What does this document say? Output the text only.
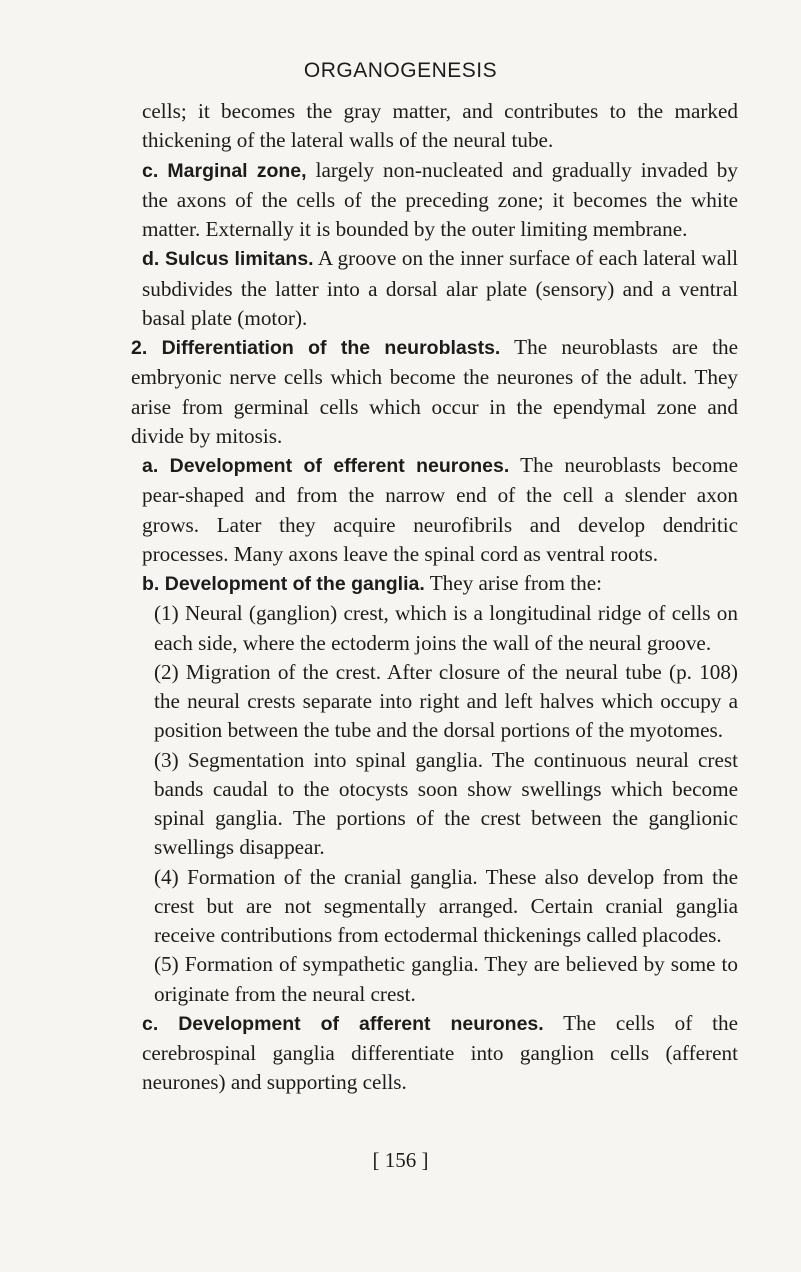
ORGANOGENESIS

cells; it becomes the gray matter, and contributes to the marked thickening of the lateral walls of the neural tube.

c. Marginal zone, largely non-nucleated and gradually invaded by the axons of the cells of the preceding zone; it becomes the white matter. Externally it is bounded by the outer limiting membrane.

d. Sulcus limitans. A groove on the inner surface of each lateral wall subdivides the latter into a dorsal alar plate (sensory) and a ventral basal plate (motor).

2. Differentiation of the neuroblasts. The neuroblasts are the embryonic nerve cells which become the neurones of the adult. They arise from germinal cells which occur in the ependymal zone and divide by mitosis.

a. Development of efferent neurones. The neuroblasts become pear-shaped and from the narrow end of the cell a slender axon grows. Later they acquire neurofibrils and develop dendritic processes. Many axons leave the spinal cord as ventral roots.

b. Development of the ganglia. They arise from the:

(1) Neural (ganglion) crest, which is a longitudinal ridge of cells on each side, where the ectoderm joins the wall of the neural groove.

(2) Migration of the crest. After closure of the neural tube (p. 108) the neural crests separate into right and left halves which occupy a position between the tube and the dorsal portions of the myotomes.

(3) Segmentation into spinal ganglia. The continuous neural crest bands caudal to the otocysts soon show swellings which become spinal ganglia. The portions of the crest between the ganglionic swellings disappear.

(4) Formation of the cranial ganglia. These also develop from the crest but are not segmentally arranged. Certain cranial ganglia receive contributions from ectodermal thickenings called placodes.

(5) Formation of sympathetic ganglia. They are believed by some to originate from the neural crest.

c. Development of afferent neurones. The cells of the cerebrospinal ganglia differentiate into ganglion cells (afferent neurones) and supporting cells.

[ 156 ]
